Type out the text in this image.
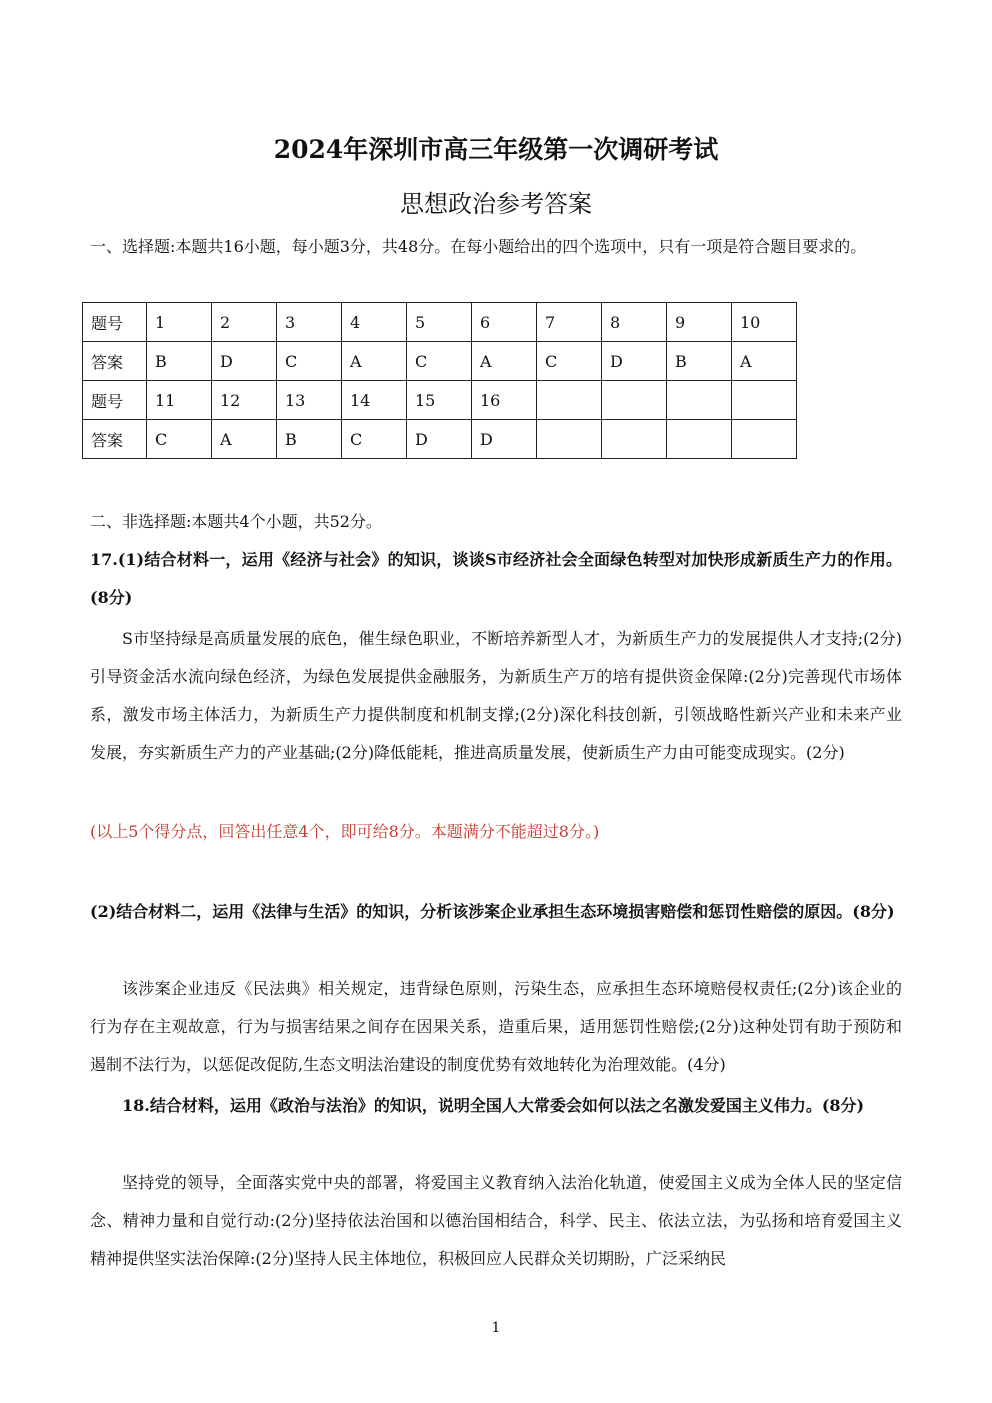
2024年深圳市高三年级第一次调研考试
思想政治参考答案
一、选择题:本题共16小题，每小题3分，共48分。在每小题给出的四个选项中，只有一项是符合题目要求的。
题号	1	2	3	4	5	6	7	8	9	10
答案	B	D	C	A	C	A	C	D	B	A
题号	11	12	13	14	15	16				
答案	C	A	B	C	D	D				
二、非选择题:本题共4个小题，共52分。
17.(1)结合材料一，运用《经济与社会》的知识，谈谈S市经济社会全面绿色转型对加快形成新质生产力的作用。(8分)
S市坚持绿是高质量发展的底色，催生绿色职业，不断培养新型人才，为新质生产力的发展提供人才支持;(2分)引导资金活水流向绿色经济，为绿色发展提供金融服务，为新质生产万的培有提供资金保障:(2分)完善现代市场体系，激发市场主体活力，为新质生产力提供制度和机制支撑;(2分)深化科技创新，引领战略性新兴产业和未来产业发展，夯实新质生产力的产业基础;(2分)降低能耗，推进高质量发展，使新质生产力由可能变成现实。(2分)
(以上5个得分点，回答出任意4个，即可给8分。本题满分不能超过8分。)
(2)结合材料二，运用《法律与生活》的知识，分析该涉案企业承担生态环境损害赔偿和惩罚性赔偿的原因。(8分)
该涉案企业违反《民法典》相关规定，违背绿色原则，污染生态，应承担生态环境赔侵权责任;(2分)该企业的行为存在主观故意，行为与损害结果之间存在因果关系，造重后果，适用惩罚性赔偿;(2分)这种处罚有助于预防和遏制不法行为，以惩促改促防,生态文明法治建设的制度优势有效地转化为治理效能。(4分)
18.结合材料，运用《政治与法治》的知识，说明全国人大常委会如何以法之名激发爱国主义伟力。(8分)
坚持党的领导，全面落实党中央的部署，将爱国主义教育纳入法治化轨道，使爱国主义成为全体人民的坚定信念、精神力量和自觉行动:(2分)坚持依法治国和以德治国相结合，科学、民主、依法立法，为弘扬和培育爱国主义精神提供坚实法治保障:(2分)坚持人民主体地位，积极回应人民群众关切期盼，广泛采纳民
1
